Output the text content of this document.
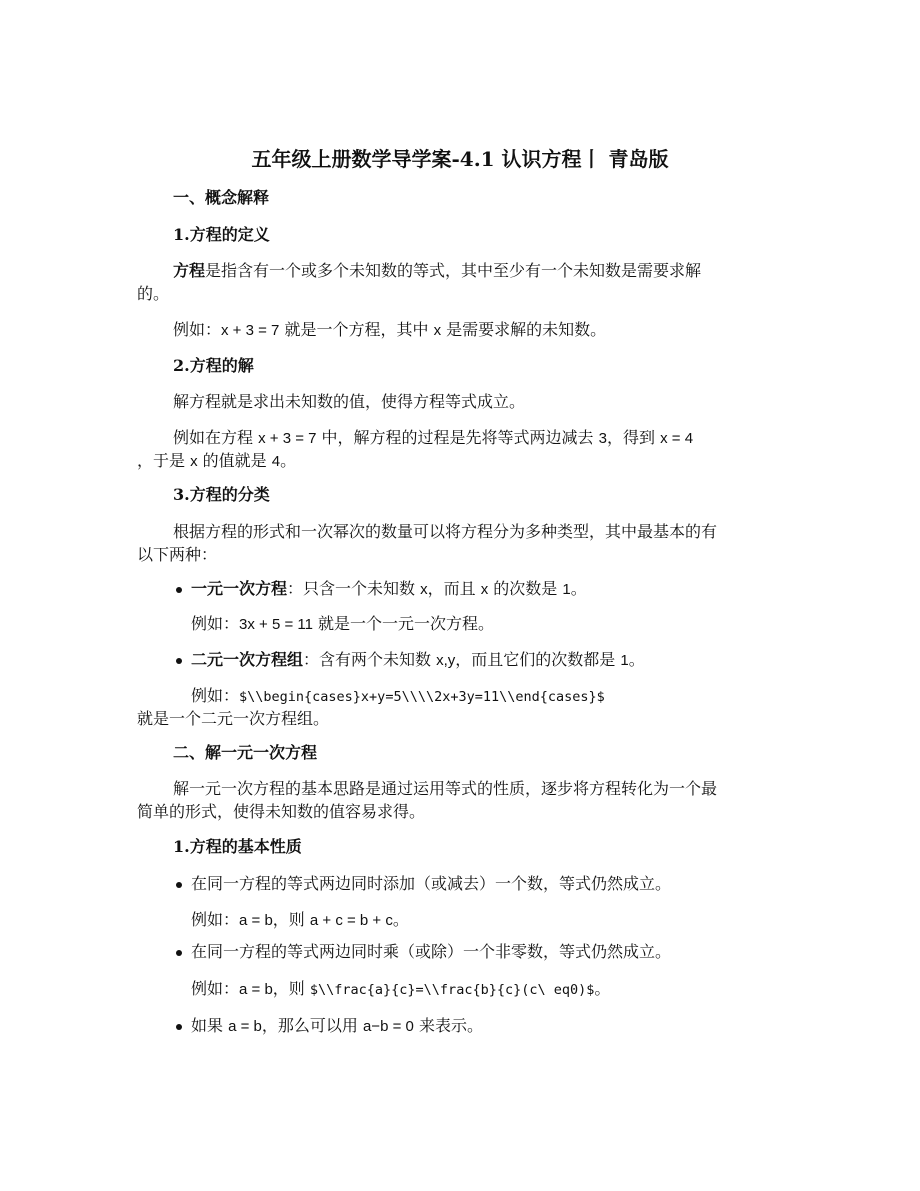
五年级上册数学导学案-4.1 认识方程丨 青岛版
一、概念解释
1.方程的定义
方程是指含有一个或多个未知数的等式，其中至少有一个未知数是需要求解
的。
例如：x + 3 = 7 就是一个方程，其中 x 是需要求解的未知数。
2.方程的解
解方程就是求出未知数的值，使得方程等式成立。
例如在方程 x + 3 = 7 中，解方程的过程是先将等式两边减去 3，得到 x = 4
，于是 x 的值就是 4。
3.方程的分类
根据方程的形式和一次幂次的数量可以将方程分为多种类型，其中最基本的有
以下两种：
一元一次方程：只含一个未知数 x，而且 x 的次数是 1。
例如：3x + 5 = 11 就是一个一元一次方程。
二元一次方程组：含有两个未知数 x,y，而且它们的次数都是 1。
例如：$\\begin{cases}x+y=5\\\\2x+3y=11\\end{cases}$
就是一个二元一次方程组。
二、解一元一次方程
解一元一次方程的基本思路是通过运用等式的性质，逐步将方程转化为一个最
简单的形式，使得未知数的值容易求得。
1.方程的基本性质
在同一方程的等式两边同时添加（或减去）一个数，等式仍然成立。
例如：a = b，则 a + c = b + c。
在同一方程的等式两边同时乘（或除）一个非零数，等式仍然成立。
例如：a = b，则 $\\frac{a}{c}=\\frac{b}{c}(c\ eq0)$。
如果 a = b，那么可以用 a−b = 0 来表示。
